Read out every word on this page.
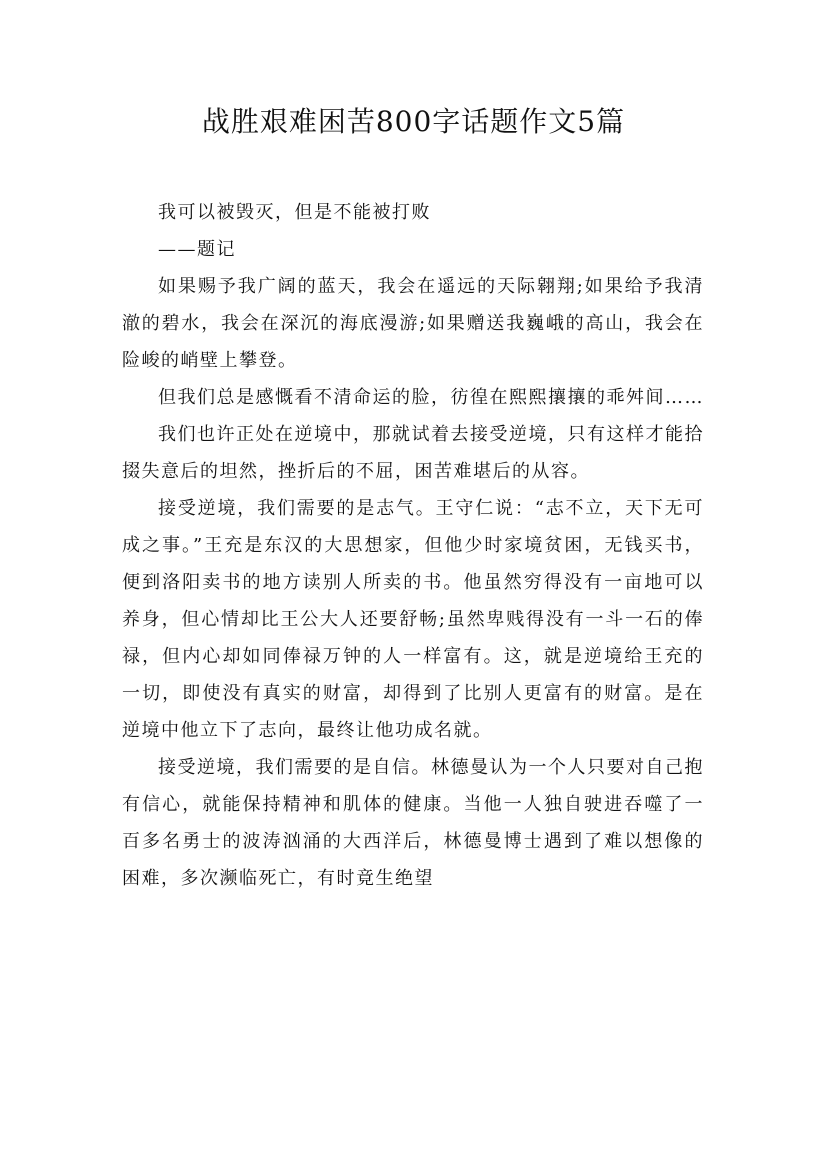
战胜艰难困苦800字话题作文5篇

我可以被毁灭，但是不能被打败

——题记

如果赐予我广阔的蓝天，我会在遥远的天际翱翔;如果给予我清澈的碧水，我会在深沉的海底漫游;如果赠送我巍峨的高山，我会在险峻的峭壁上攀登。

但我们总是感慨看不清命运的脸，彷徨在熙熙攘攘的乖舛间……

我们也许正处在逆境中，那就试着去接受逆境，只有这样才能拾掇失意后的坦然，挫折后的不屈，困苦难堪后的从容。

接受逆境，我们需要的是志气。王守仁说：“志不立，天下无可成之事。”王充是东汉的大思想家，但他少时家境贫困，无钱买书，便到洛阳卖书的地方读别人所卖的书。他虽然穷得没有一亩地可以养身，但心情却比王公大人还要舒畅;虽然卑贱得没有一斗一石的俸禄，但内心却如同俸禄万钟的人一样富有。这，就是逆境给王充的一切，即使没有真实的财富，却得到了比别人更富有的财富。是在逆境中他立下了志向，最终让他功成名就。

接受逆境，我们需要的是自信。林德曼认为一个人只要对自己抱有信心，就能保持精神和肌体的健康。当他一人独自驶进吞噬了一百多名勇士的波涛汹涌的大西洋后，林德曼博士遇到了难以想像的困难，多次濒临死亡，有时竟生绝望
